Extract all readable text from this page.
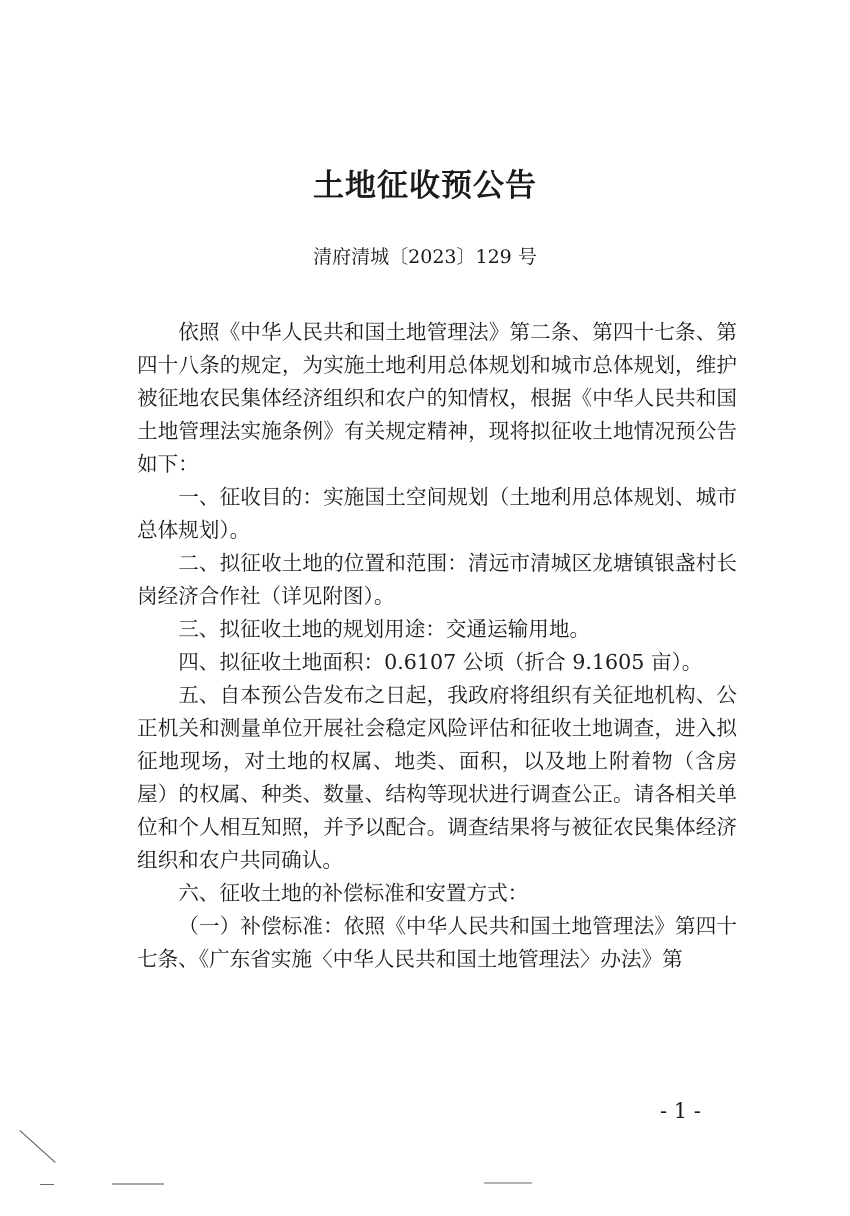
土地征收预公告
清府清城〔2023〕129 号

依照《中华人民共和国土地管理法》第二条、第四十七条、第四十八条的规定，为实施土地利用总体规划和城市总体规划，维护被征地农民集体经济组织和农户的知情权，根据《中华人民共和国土地管理法实施条例》有关规定精神，现将拟征收土地情况预公告如下：

一、征收目的：实施国土空间规划（土地利用总体规划、城市总体规划）。

二、拟征收土地的位置和范围：清远市清城区龙塘镇银盏村长岗经济合作社（详见附图）。

三、拟征收土地的规划用途：交通运输用地。

四、拟征收土地面积：0.6107 公顷（折合 9.1605 亩）。

五、自本预公告发布之日起，我政府将组织有关征地机构、公正机关和测量单位开展社会稳定风险评估和征收土地调查，进入拟征地现场，对土地的权属、地类、面积，以及地上附着物（含房屋）的权属、种类、数量、结构等现状进行调查公正。请各相关单位和个人相互知照，并予以配合。调查结果将与被征农民集体经济组织和农户共同确认。

六、征收土地的补偿标准和安置方式：

（一）补偿标准：依照《中华人民共和国土地管理法》第四十七条、《广东省实施〈中华人民共和国土地管理法〉办法》第

- 1 -
